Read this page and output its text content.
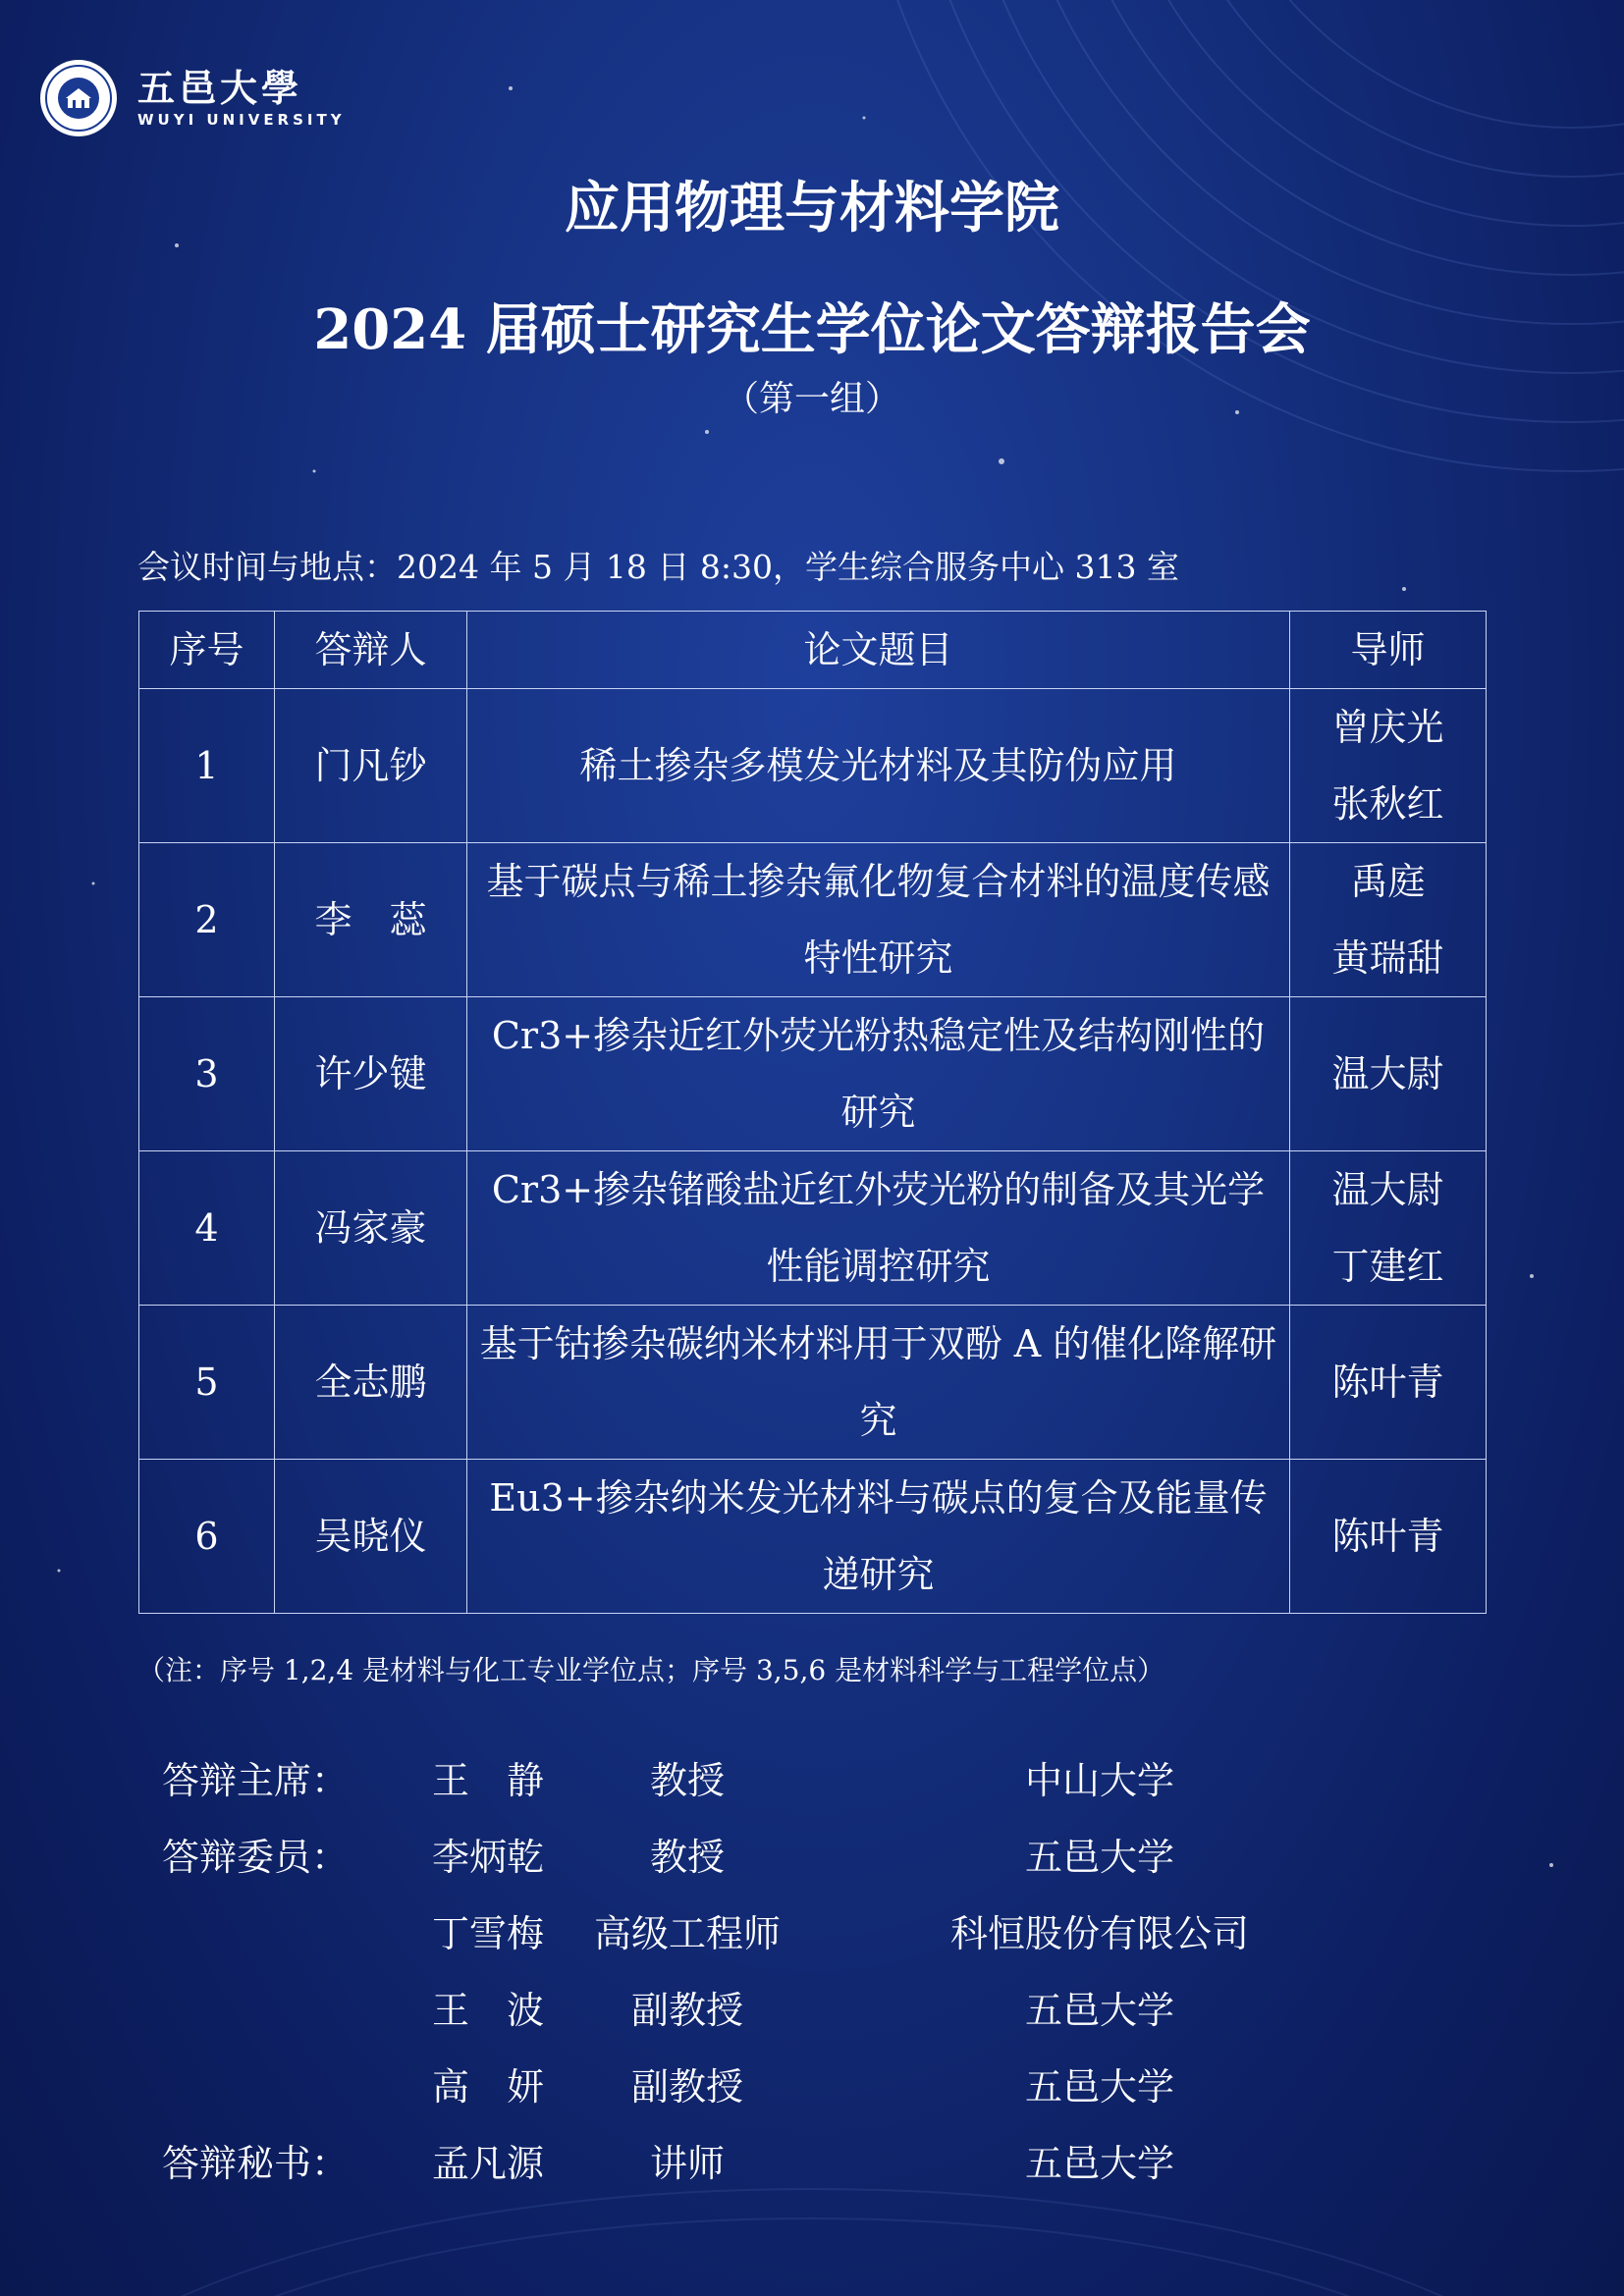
五邑大學
WUYI UNIVERSITY
应用物理与材料学院
2024 届硕士研究生学位论文答辩报告会
（第一组）
会议时间与地点：2024 年 5 月 18 日 8:30，学生综合服务中心 313 室
序号	答辩人	论文题目	导师
1	门凡钞	稀土掺杂多模发光材料及其防伪应用	曾庆光
张秋红

2	李　蕊	基于碳点与稀土掺杂氟化物复合材料的温度传感特性研究	禹庭
黄瑞甜

3	许少键	Cr3+掺杂近红外荧光粉热稳定性及结构刚性的研究	温大尉

4	冯家豪	Cr3+掺杂锗酸盐近红外荧光粉的制备及其光学性能调控研究	温大尉
丁建红

5	全志鹏	基于钴掺杂碳纳米材料用于双酚 A 的催化降解研究	陈叶青

6	吴晓仪	Eu3+掺杂纳米发光材料与碳点的复合及能量传递研究	陈叶青
（注：序号 1,2,4 是材料与化工专业学位点；序号 3,5,6 是材料科学与工程学位点）
答辩主席： 王　静	教授	中山大学
答辩委员： 李炳乾	教授	五邑大学
丁雪梅	高级工程师	科恒股份有限公司
王　波	副教授	五邑大学
高　妍	副教授	五邑大学
答辩秘书： 孟凡源	讲师	五邑大学
